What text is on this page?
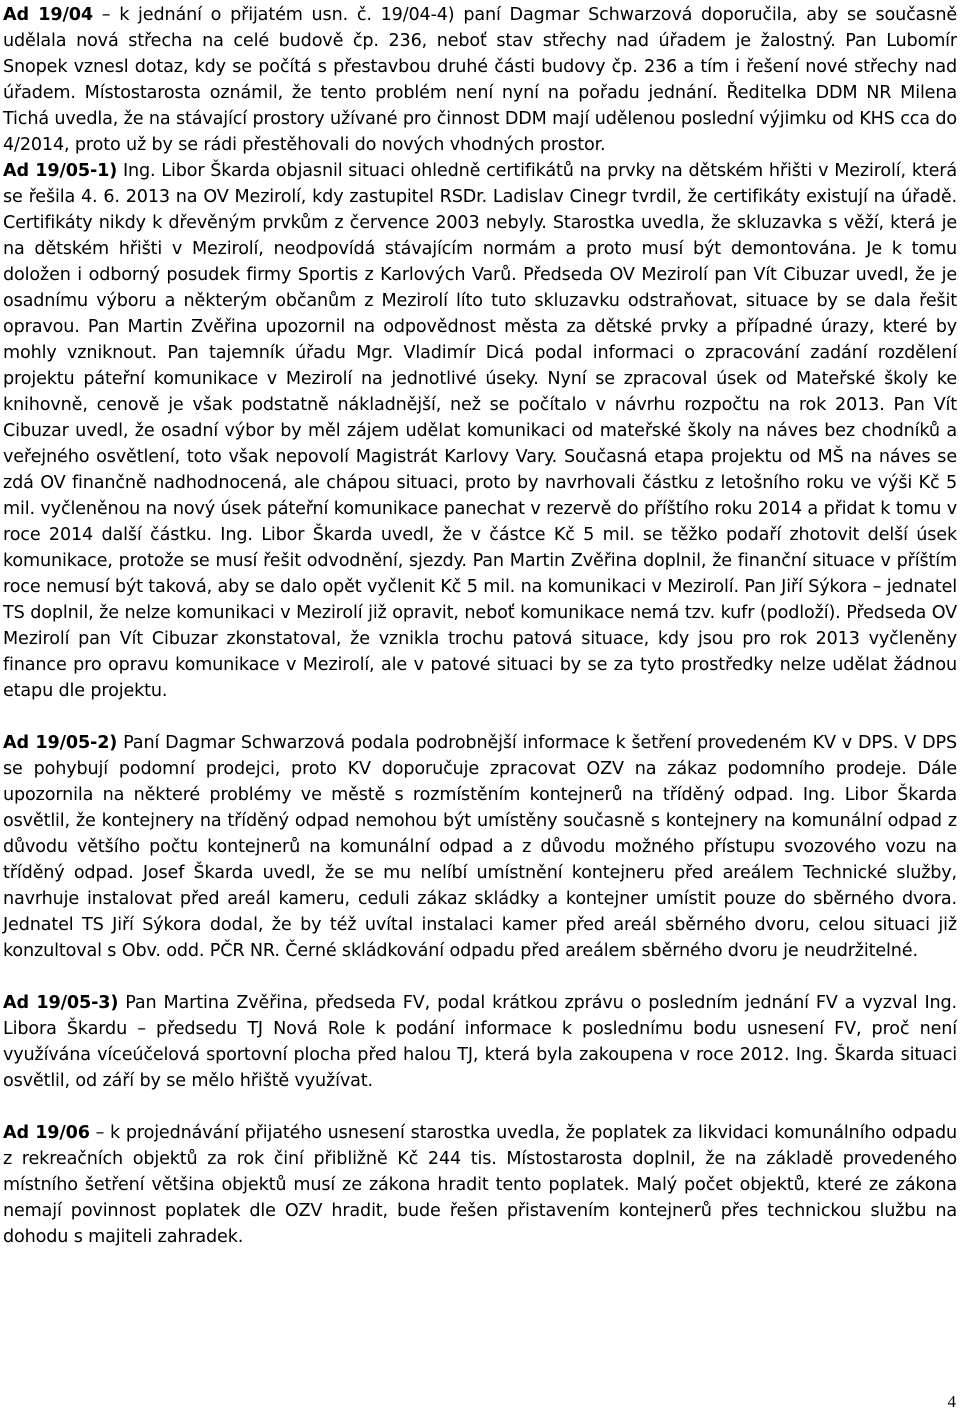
Ad 19/04 – k jednání o přijatém usn. č. 19/04-4) paní Dagmar Schwarzová doporučila, aby se současně udělala nová střecha na celé budově čp. 236, neboť stav střechy nad úřadem je žalostný. Pan Lubomír Snopek vznesl dotaz, kdy se počítá s přestavbou druhé části budovy čp. 236 a tím i řešení nové střechy nad úřadem. Místostarosta oznámil, že tento problém není nyní na pořadu jednání. Ředitelka DDM NR Milena Tichá uvedla, že na stávající prostory užívané pro činnost DDM mají udělenou poslední výjimku od KHS cca do 4/2014, proto už by se rádi přestěhovali do nových vhodných prostor.
Ad 19/05-1) Ing. Libor Škarda objasnil situaci ohledně certifikátů na prvky na dětském hřišti v Mezirolí, která se řešila 4. 6. 2013 na OV Mezirolí, kdy zastupitel RSDr. Ladislav Cinegr tvrdil, že certifikáty existují na úřadě. Certifikáty nikdy k dřevěným prvkům z července 2003 nebyly. Starostka uvedla, že skluzavka s věží, která je na dětském hřišti v Mezirolí, neodpovídá stávajícím normám a proto musí být demontována. Je k tomu doložen i odborný posudek firmy Sportis z Karlových Varů. Předseda OV Mezirolí pan Vít Cibuzar uvedl, že je osadnímu výboru a některým občanům z Mezirolí líto tuto skluzavku odstraňovat, situace by se dala řešit opravou. Pan Martin Zvěřina upozornil na odpovědnost města za dětské prvky a případné úrazy, které by mohly vzniknout. Pan tajemník úřadu Mgr. Vladimír Dicá podal informaci o zpracování zadání rozdělení projektu páteřní komunikace v Mezirolí na jednotlivé úseky. Nyní se zpracoval úsek od Mateřské školy ke knihovně, cenově je však podstatně nákladnější, než se počítalo v návrhu rozpočtu na rok 2013. Pan Vít Cibuzar uvedl, že osadní výbor by měl zájem udělat komunikaci od mateřské školy na náves bez chodníků a veřejného osvětlení, toto však nepovolí Magistrát Karlovy Vary. Současná etapa projektu od MŠ na náves se zdá OV finančně nadhodnocená, ale chápou situaci, proto by navrhovali částku z letošního roku ve výši Kč 5 mil. vyčleněnou na nový úsek páteřní komunikace panechat v rezervě do příštího roku 2014 a přidat k tomu v roce 2014 další částku. Ing. Libor Škarda uvedl, že v částce Kč 5 mil. se těžko podaří zhotovit delší úsek komunikace, protože se musí řešit odvodnění, sjezdy. Pan Martin Zvěřina doplnil, že finanční situace v příštím roce nemusí být taková, aby se dalo opět vyčlenit Kč 5 mil. na komunikaci v Mezirolí. Pan Jiří Sýkora – jednatel TS doplnil, že nelze komunikaci v Mezirolí již opravit, neboť komunikace nemá tzv. kufr (podloží). Předseda OV Mezirolí pan Vít Cibuzar zkonstatoval, že vznikla trochu patová situace, kdy jsou pro rok 2013 vyčleněny finance pro opravu komunikace v Mezirolí, ale v patové situaci by se za tyto prostředky nelze udělat žádnou etapu dle projektu.

Ad 19/05-2) Paní Dagmar Schwarzová podala podrobnější informace k šetření provedeném KV v DPS. V DPS se pohybují podomní prodejci, proto KV doporučuje zpracovat OZV na zákaz podomního prodeje. Dále upozornila na některé problémy ve městě s rozmístěním kontejnerů na tříděný odpad. Ing. Libor Škarda osvětlil, že kontejnery na tříděný odpad nemohou být umístěny současně s kontejnery na komunální odpad z důvodu většího počtu kontejnerů na komunální odpad a z důvodu možného přístupu svozového vozu na tříděný odpad. Josef Škarda uvedl, že se mu nelíbí umístnění kontejneru před areálem Technické služby, navrhuje instalovat před areál kameru, ceduli zákaz skládky a kontejner umístit pouze do sběrného dvora. Jednatel TS Jiří Sýkora dodal, že by též uvítal instalaci kamer před areál sběrného dvoru, celou situaci již konzultoval s Obv. odd. PČR NR. Černé skládkování odpadu před areálem sběrného dvoru je neudržitelné.

Ad 19/05-3) Pan Martina Zvěřina, předseda FV, podal krátkou zprávu o posledním jednání FV a vyzval Ing. Libora Škardu – předsedu TJ Nová Role k podání informace k poslednímu bodu usnesení FV, proč není využívána víceúčelová sportovní plocha před halou TJ, která byla zakoupena v roce 2012. Ing. Škarda situaci osvětlil, od září by se mělo hřiště využívat.

Ad 19/06 – k projednávání přijatého usnesení starostka uvedla, že poplatek za likvidaci komunálního odpadu z rekreačních objektů za rok činí přibližně Kč 244 tis. Místostarosta doplnil, že na základě provedeného místního šetření většina objektů musí ze zákona hradit tento poplatek. Malý počet objektů, které ze zákona nemají povinnost poplatek dle OZV hradit, bude řešen přistavením kontejnerů přes technickou službu na dohodu s majiteli zahradek.

4
